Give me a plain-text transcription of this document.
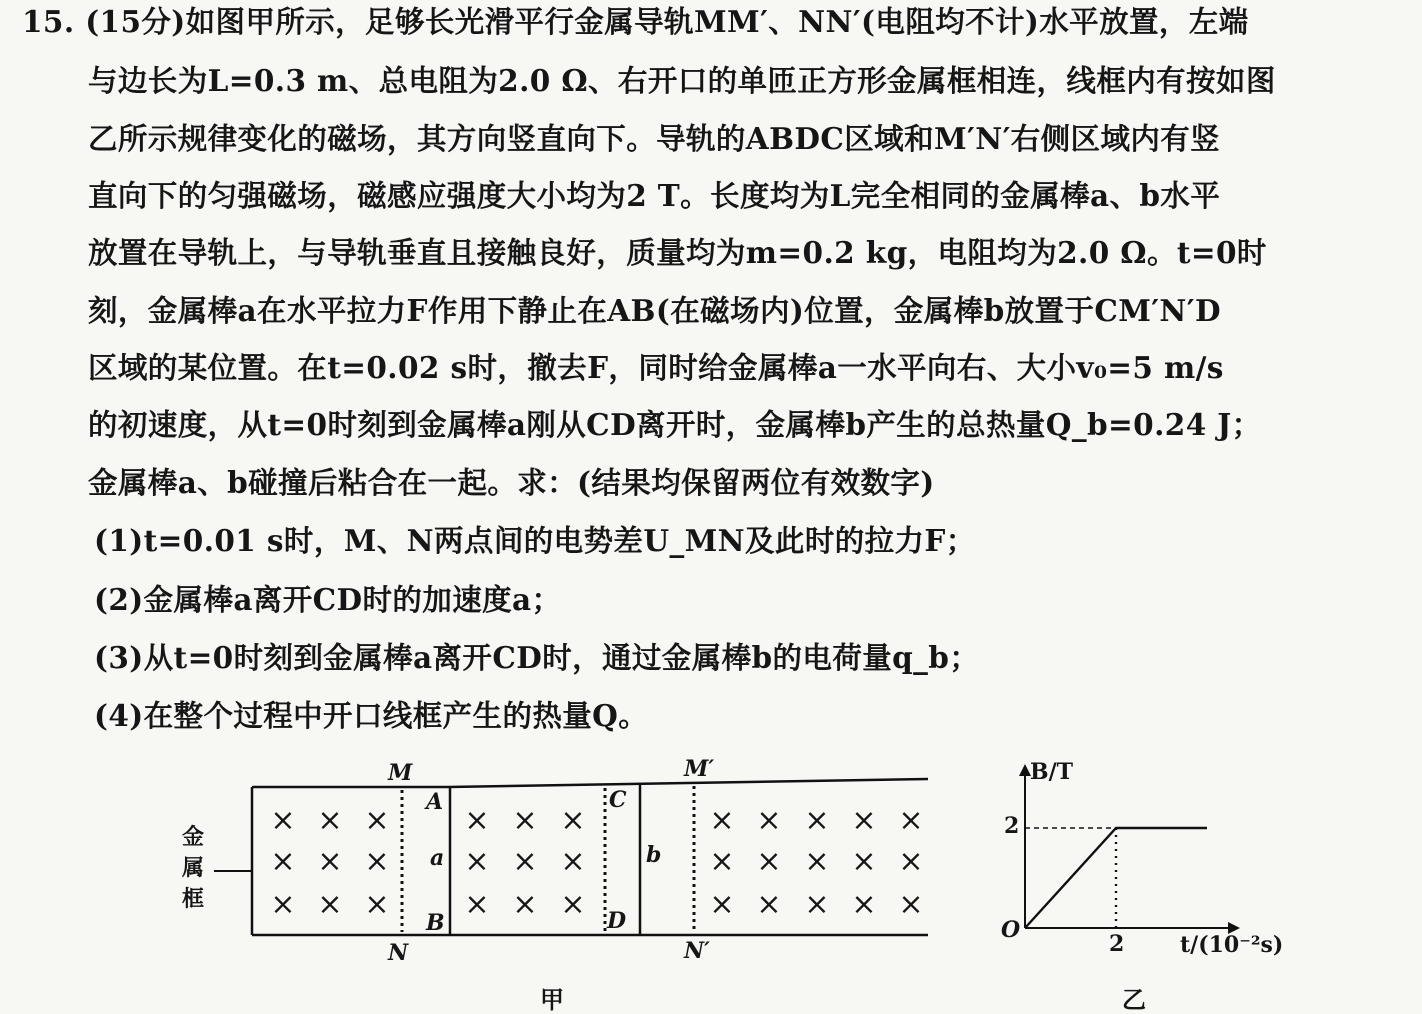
15. (15分)如图甲所示，足够长光滑平行金属导轨MM′、NN′(电阻均不计)水平放置，左端
与边长为L=0.3 m、总电阻为2.0 Ω、右开口的单匝正方形金属框相连，线框内有按如图
乙所示规律变化的磁场，其方向竖直向下。导轨的ABDC区域和M′N′右侧区域内有竖
直向下的匀强磁场，磁感应强度大小均为2 T。长度均为L完全相同的金属棒a、b水平
放置在导轨上，与导轨垂直且接触良好，质量均为m=0.2 kg，电阻均为2.0 Ω。t=0时
刻，金属棒a在水平拉力F作用下静止在AB(在磁场内)位置，金属棒b放置于CM′N′D
区域的某位置。在t=0.02 s时，撤去F，同时给金属棒a一水平向右、大小v₀=5 m/s
的初速度，从t=0时刻到金属棒a刚从CD离开时，金属棒b产生的总热量Q_b=0.24 J；
金属棒a、b碰撞后粘合在一起。求：(结果均保留两位有效数字)
(1)t=0.01 s时，M、N两点间的电势差U_MN及此时的拉力F；
(2)金属棒a离开CD时的加速度a；
(3)从t=0时刻到金属棒a离开CD时，通过金属棒b的电荷量q_b；
(4)在整个过程中开口线框产生的热量Q。
× × ×
× × ×
× × ×
× × ×
× × ×
× × ×
× × × × ×
× × × × ×
× × × × ×
金
属
框
M
N
A
B
a
C
D
b
M′
N′
甲
B/T
t/(10⁻²s)
O
2
2
乙
